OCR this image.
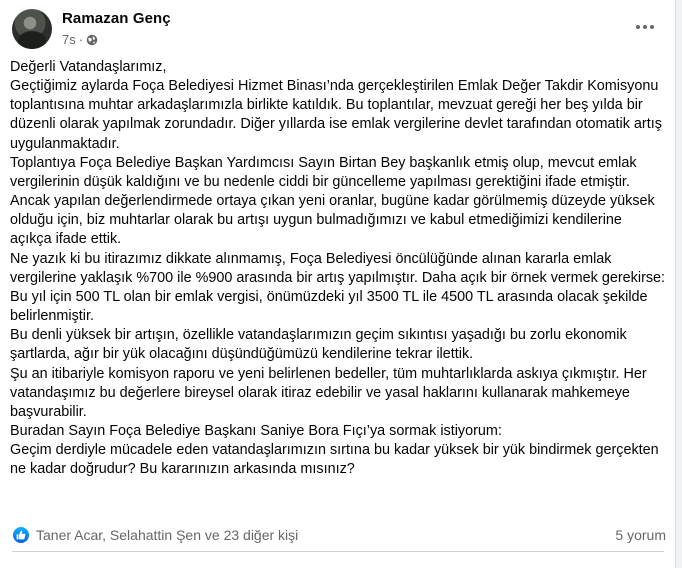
Ramazan Genç
7s ·

Değerli Vatandaşlarımız,

Geçtiğimiz aylarda Foça Belediyesi Hizmet Binası’nda gerçekleştirilen Emlak Değer Takdir Komisyonu toplantısına muhtar arkadaşlarımızla birlikte katıldık. Bu toplantılar, mevzuat gereği her beş yılda bir düzenli olarak yapılmak zorundadır. Diğer yıllarda ise emlak vergilerine devlet tarafından otomatik artış uygulanmaktadır.

Toplantıya Foça Belediye Başkan Yardımcısı Sayın Birtan Bey başkanlık etmiş olup, mevcut emlak vergilerinin düşük kaldığını ve bu nedenle ciddi bir güncelleme yapılması gerektiğini ifade etmiştir.

Ancak yapılan değerlendirmede ortaya çıkan yeni oranlar, bugüne kadar görülmemiş düzeyde yüksek olduğu için, biz muhtarlar olarak bu artışı uygun bulmadığımızı ve kabul etmediğimizi kendilerine açıkça ifade ettik.

Ne yazık ki bu itirazımız dikkate alınmamış, Foça Belediyesi öncülüğünde alınan kararla emlak vergilerine yaklaşık %700 ile %900 arasında bir artış yapılmıştır. Daha açık bir örnek vermek gerekirse:

Bu yıl için 500 TL olan bir emlak vergisi, önümüzdeki yıl 3500 TL ile 4500 TL arasında olacak şekilde belirlenmiştir.

Bu denli yüksek bir artışın, özellikle vatandaşlarımızın geçim sıkıntısı yaşadığı bu zorlu ekonomik şartlarda, ağır bir yük olacağını düşündüğümüzü kendilerine tekrar ilettik.

Şu an itibariyle komisyon raporu ve yeni belirlenen bedeller, tüm muhtarlıklarda askıya çıkmıştır. Her vatandaşımız bu değerlere bireysel olarak itiraz edebilir ve yasal haklarını kullanarak mahkemeye başvurabilir.

Buradan Sayın Foça Belediye Başkanı Saniye Bora Fıçı’ya sormak istiyorum:

Geçim derdiyle mücadele eden vatandaşlarımızın sırtına bu kadar yüksek bir yük bindirmek gerçekten ne kadar doğrudur? Bu kararınızın arkasında mısınız?

Taner Acar, Selahattin Şen ve 23 diğer kişi	5 yorum
